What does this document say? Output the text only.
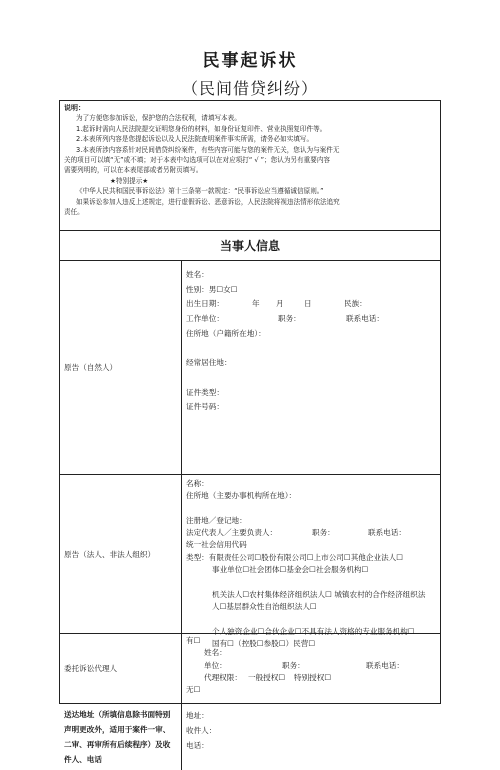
民事起诉状
（民间借贷纠纷）
说明：
为了方便您参加诉讼，保护您的合法权利，请填写本表。
1.起诉时需向人民法院提交证明您身份的材料，如身份证复印件、营业执照复印件等。
2.本表所列内容是您提起诉讼以及人民法院查明案件事实所需，请务必如实填写。
3.本表所涉内容系针对民间借贷纠纷案件，有些内容可能与您的案件无关，您认为与案件无
关的项目可以填“无”或不填；对于本表中勾选项可以在对应项打“ √ ”；您认为另有重要内容
需要列明的，可以在本表尾部或者另附页填写。
★特别提示★
《中华人民共和国民事诉讼法》第十三条第一款规定：“民事诉讼应当遵循诚信原则。”
如果诉讼参加人违反上述规定，进行虚假诉讼、恶意诉讼，人民法院将视违法情形依法追究
责任。
当事人信息
原告（自然人）
姓名：
性别：男☐女☐
出生日期：	年 月	日	民族：
工作单位：	职务：	联系电话：
住所地（户籍所在地）：
经常居住地：
证件类型：
证件号码：
原告（法人、非法人组织）
名称：
住所地（主要办事机构所在地）：
注册地／登记地：
法定代表人／主要负责人：	职务：	联系电话：
统一社会信用代码
类型：有限责任公司☐股份有限公司☐上市公司☐其他企业法人☐
事业单位☐社会团体☐基金会☐社会服务机构☐
机关法人☐农村集体经济组织法人☐ 城镇农村的合作经济组织法
人☐基层群众性自治组织法人☐
个人独资企业☐合伙企业☐不具有法人资格的专业服务机构☐
国有☐（控股☐参股☐）民营☐
委托诉讼代理人
有☐
姓名：
单位：	职务：	联系电话：
代理权限： 一般授权☐ 特别授权☐
无☐
送达地址（所填信息除书面特别
声明更改外，适用于案件一审、
二审、再审所有后续程序）及收
件人、电话
地址：
收件人：
电话：
